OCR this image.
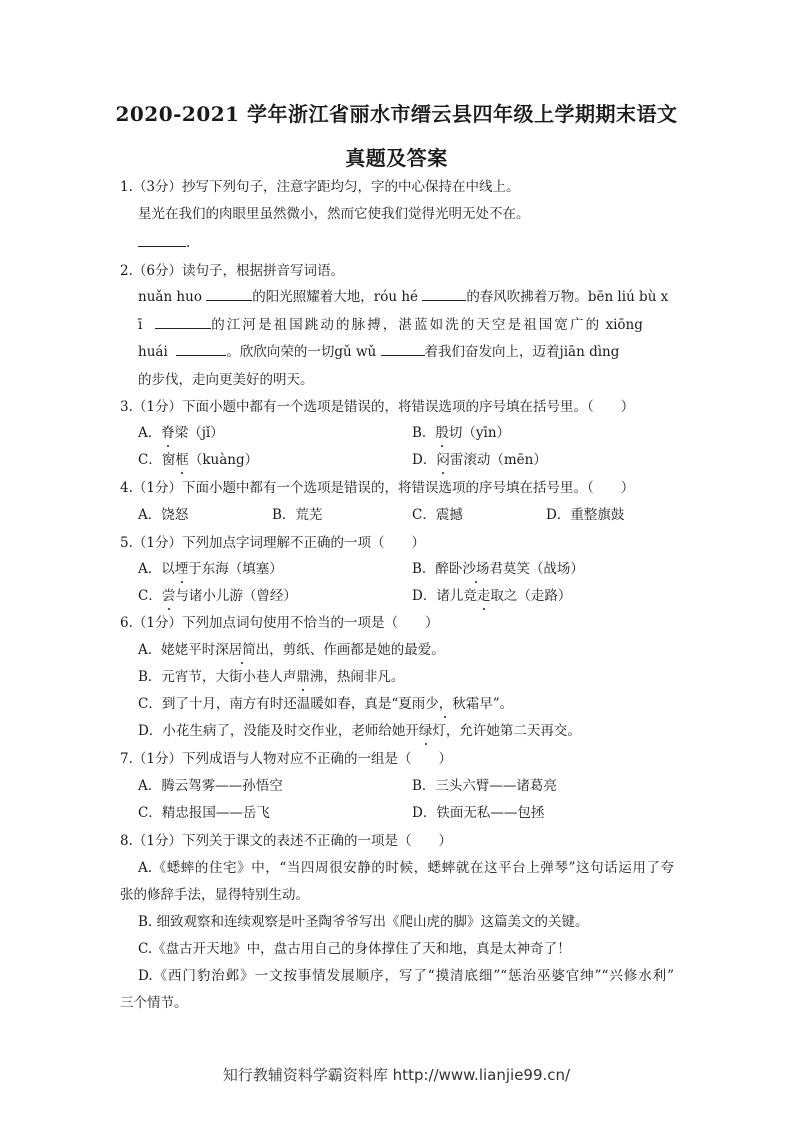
2020-2021 学年浙江省丽水市缙云县四年级上学期期末语文
真题及答案
1.（3分）抄写下列句子，注意字距均匀，字的中心保持在中线上。
星光在我们的肉眼里虽然微小，然而它使我们觉得光明无处不在。
.
2.（6分）读句子，根据拼音写词语。
nuǎn huo	的阳光照耀着大地，róu hé	的春风吹拂着万物。bēn liú bù x
ī	的江河是祖国跳动的脉搏，湛蓝如洗的天空是祖国宽广的 xiōng
huái	。欣欣向荣的一切gǔ wǔ	着我们奋发向上，迈着jiān dìng
的步伐，走向更美好的明天。
3.（1分）下面小题中都有一个选项是错误的，将错误选项的序号填在括号里。（　　）
A．脊梁（jǐ）	B．殷切（yīn）
C．窗框（kuàng）	D．闷雷滚动（mēn）
4.（1分）下面小题中都有一个选项是错误的，将错误选项的序号填在括号里。（　　）
A．饶怒	B．荒芜	C．震撼	D．重整旗鼓
5.（1分）下列加点字词理解不正确的一项（　　）
A．以堙于东海（填塞）	B．醉卧沙场君莫笑（战场）
C．尝与诸小儿游（曾经）	D．诸儿竞走取之（走路）
6.（1分）下列加点词句使用不恰当的一项是（　　）
A．姥姥平时深居简出，剪纸、作画都是她的最爱。
B．元宵节，大街小巷人声鼎沸，热闹非凡。
C．到了十月，南方有时还温暖如春，真是“夏雨少，秋霜早”。
D．小花生病了，没能及时交作业，老师给她开绿灯，允许她第二天再交。
7.（1分）下列成语与人物对应不正确的一组是（　　）
A．腾云驾雾——孙悟空	B．三头六臂——诸葛亮
C．精忠报国——岳飞	D．铁面无私——包拯
8.（1分）下列关于课文的表述不正确的一项是（　　）
A.《蟋蟀的住宅》中，“当四周很安静的时候，蟋蟀就在这平台上弹琴”这句话运用了夸
张的修辞手法，显得特别生动。
B. 细致观察和连续观察是叶圣陶爷爷写出《爬山虎的脚》这篇美文的关键。
C.《盘古开天地》中，盘古用自己的身体撑住了天和地，真是太神奇了！
D.《西门豹治邺》一文按事情发展顺序，写了“摸清底细”“惩治巫婆官绅”“兴修水利”
三个情节。
知行教辅资料学霸资料库 http://www.lianjie99.cn/
